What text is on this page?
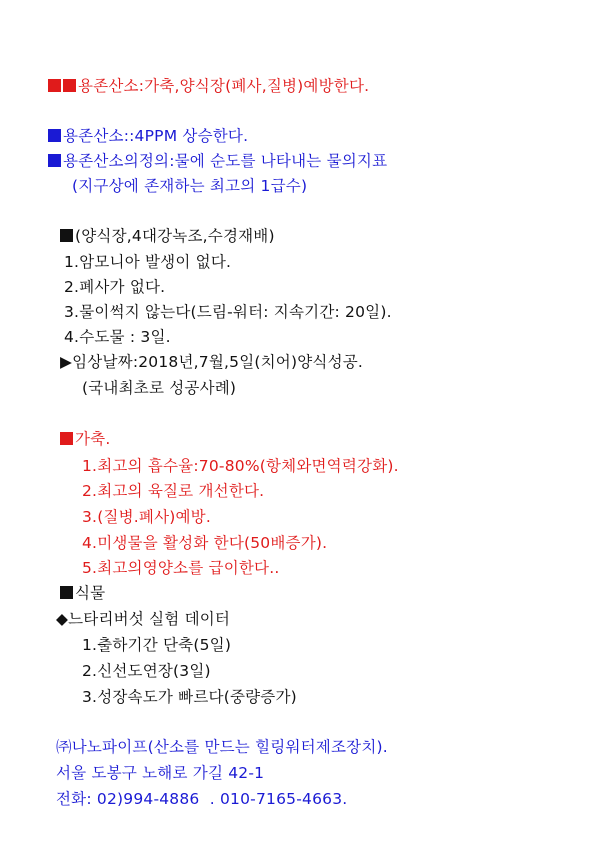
용존산소:가축,양식장(폐사,질병)예방한다.
용존산소::4PPM 상승한다.
용존산소의정의:물에 순도를 나타내는 물의지표
(지구상에 존재하는 최고의 1급수)
(양식장,4대강녹조,수경재배)
1.암모니아 발생이 없다.
2.폐사가 없다.
3.물이썩지 않는다(드림-워터: 지속기간: 20일).
4.수도물 : 3일.
▶임상날짜:2018년,7월,5일(치어)양식성공.
(국내최초로 성공사례)
가축.
1.최고의 흡수율:70-80%(항체와면역력강화).
2.최고의 육질로 개선한다.
3.(질병.폐사)예방.
4.미생물을 활성화 한다(50배증가).
5.최고의영양소를 급이한다..
식물
◆느타리버섯 실험 데이터
1.출하기간 단축(5일)
2.신선도연장(3일)
3.성장속도가 빠르다(중량증가)
㈜나노파이프(산소를 만드는 힐링워터제조장치).
서울 도봉구 노해로 가길 42-1
전화: 02)994-4886  . 010-7165-4663.
